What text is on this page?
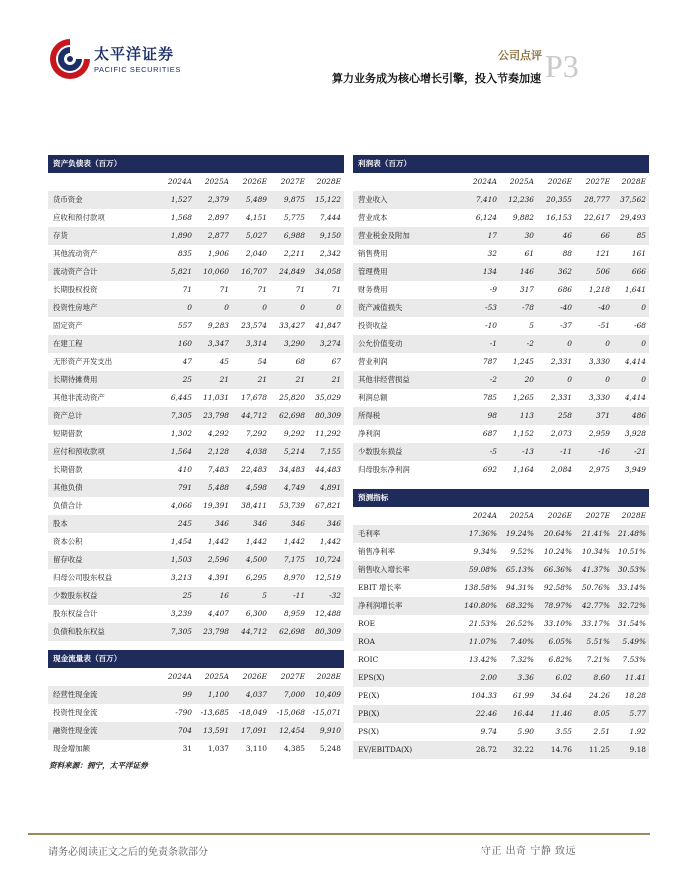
太平洋证券
PACIFIC SECURITIES
公司点评
算力业务成为核心增长引擎，投入节奏加速 P3
资产负债表（百万）
2024A	2025A	2026E	2027E	2028E
货币资金	1,527	2,379	5,489	9,875	15,122
应收和预付款项	1,568	2,897	4,151	5,775	7,444
存货	1,890	2,877	5,027	6,988	9,150
其他流动资产	835	1,906	2,040	2,211	2,342
流动资产合计	5,821	10,060	16,707	24,849	34,058
长期股权投资	71	71	71	71	71
投资性房地产	0	0	0	0	0
固定资产	557	9,283	23,574	33,427	41,847
在建工程	160	3,347	3,314	3,290	3,274
无形资产开发支出	47	45	54	68	67
长期待摊费用	25	21	21	21	21
其他非流动资产	6,445	11,031	17,678	25,820	35,029
资产总计	7,305	23,798	44,712	62,698	80,309
短期借款	1,302	4,292	7,292	9,292	11,292
应付和预收款项	1,564	2,128	4,038	5,214	7,155
长期借款	410	7,483	22,483	34,483	44,483
其他负债	791	5,488	4,598	4,749	4,891
负债合计	4,066	19,391	38,411	53,739	67,821
股本	245	346	346	346	346
资本公积	1,454	1,442	1,442	1,442	1,442
留存收益	1,503	2,596	4,500	7,175	10,724
归母公司股东权益	3,213	4,391	6,295	8,970	12,519
少数股东权益	25	16	5	-11	-32
股东权益合计	3,239	4,407	6,300	8,959	12,488
负债和股东权益	7,305	23,798	44,712	62,698	80,309
现金流量表（百万）
2024A	2025A	2026E	2027E	2028E
经营性现金流	99	1,100	4,037	7,000	10,409
投资性现金流	-790	-13,685	-18,049	-15,068	-15,071
融资性现金流	704	13,591	17,091	12,454	9,910
现金增加额	31	1,037	3,110	4,385	5,248
利润表（百万）
2024A	2025A	2026E	2027E	2028E
营业收入	7,410	12,236	20,355	28,777	37,562
营业成本	6,124	9,882	16,153	22,617	29,493
营业税金及附加	17	30	46	66	85
销售费用	32	61	88	121	161
管理费用	134	146	362	506	666
财务费用	-9	317	686	1,218	1,641
资产减值损失	-53	-78	-40	-40	0
投资收益	-10	5	-37	-51	-68
公允价值变动	-1	-2	0	0	0
营业利润	787	1,245	2,331	3,330	4,414
其他非经营损益	-2	20	0	0	0
利润总额	785	1,265	2,331	3,330	4,414
所得税	98	113	258	371	486
净利润	687	1,152	2,073	2,959	3,928
少数股东损益	-5	-13	-11	-16	-21
归母股东净利润	692	1,164	2,084	2,975	3,949
预测指标
2024A	2025A	2026E	2027E	2028E
毛利率	17.36%	19.24%	20.64%	21.41%	21.48%
销售净利率	9.34%	9.52%	10.24%	10.34%	10.51%
销售收入增长率	59.08%	65.13%	66.36%	41.37%	30.53%
EBIT 增长率	138.58%	94.31%	92.58%	50.76%	33.14%
净利润增长率	140.80%	68.32%	78.97%	42.77%	32.72%
ROE	21.53%	26.52%	33.10%	33.17%	31.54%
ROA	11.07%	7.40%	6.05%	5.51%	5.49%
ROIC	13.42%	7.32%	6.82%	7.21%	7.53%
EPS(X)	2.00	3.36	6.02	8.60	11.41
PE(X)	104.33	61.99	34.64	24.26	18.28
PB(X)	22.46	16.44	11.46	8.05	5.77
PS(X)	9.74	5.90	3.55	2.51	1.92
EV/EBITDA(X)	28.72	32.22	14.76	11.25	9.18
资料来源：拥宁，太平洋证券
请务必阅读正文之后的免责条款部分	守正 出奇 宁静 致远
